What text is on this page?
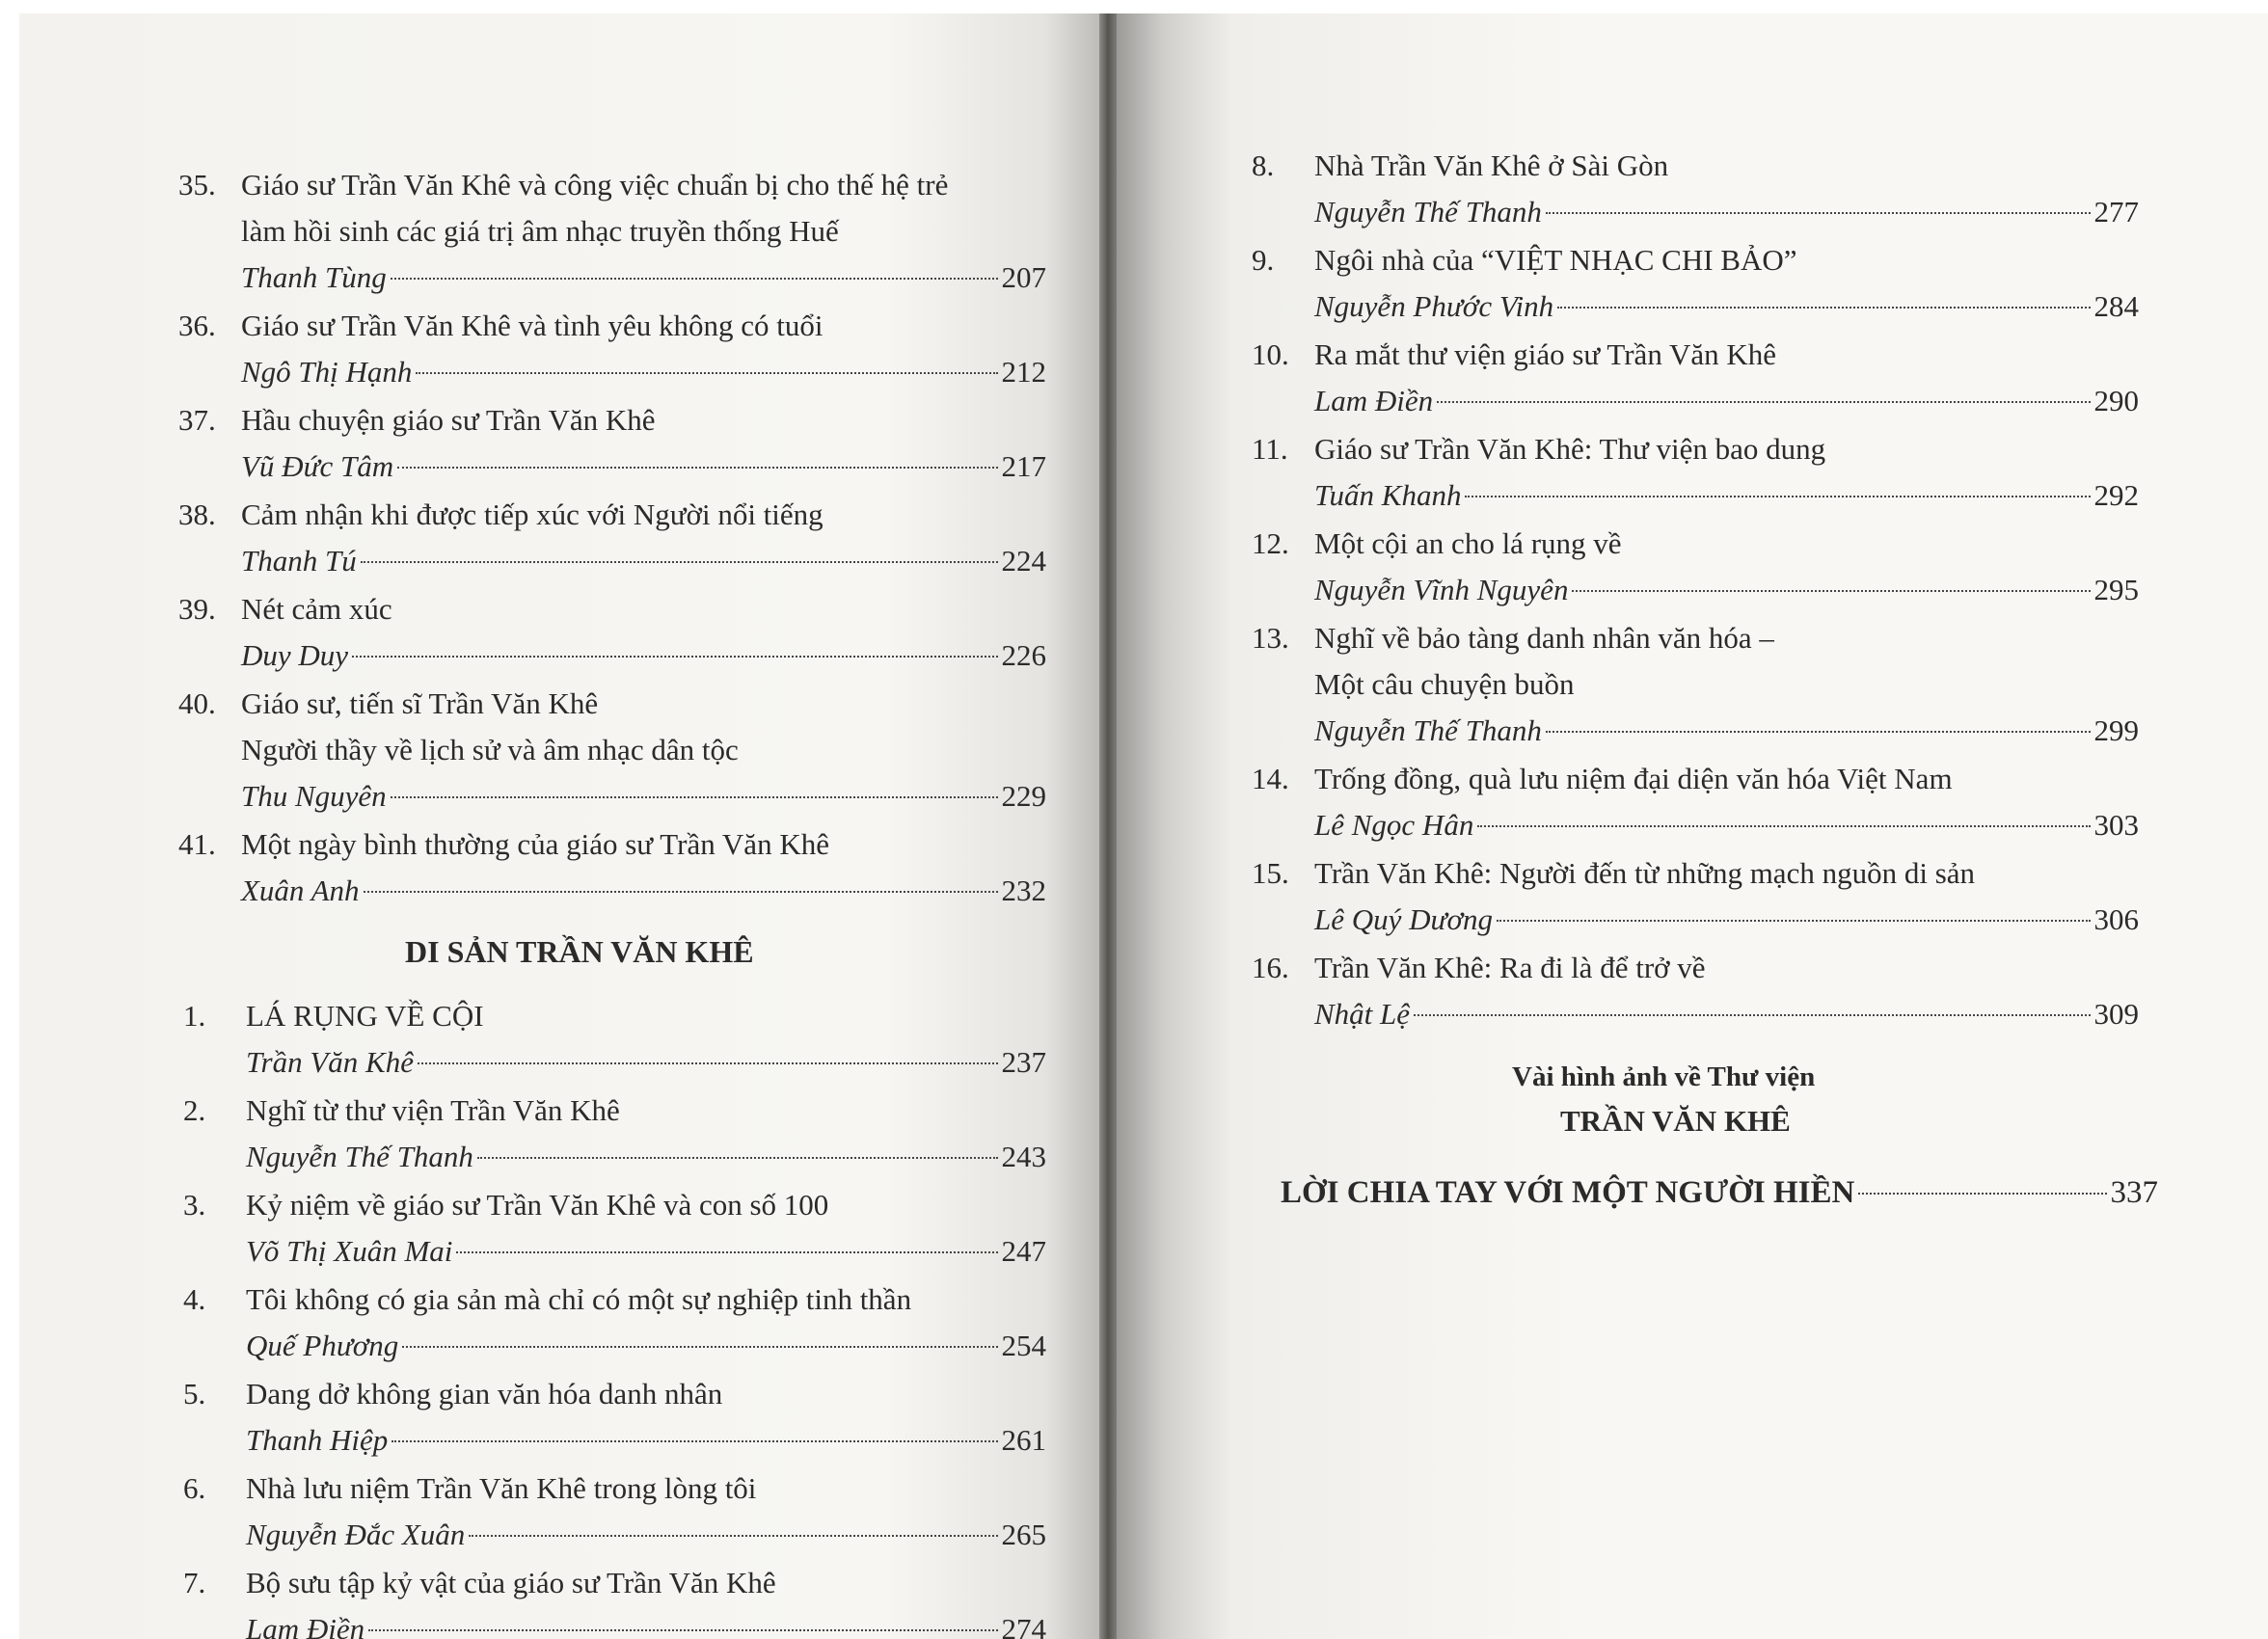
35. Giáo sư Trần Văn Khê và công việc chuẩn bị cho thế hệ trẻ
làm hồi sinh các giá trị âm nhạc truyền thống Huế
Thanh Tùng	207
36. Giáo sư Trần Văn Khê và tình yêu không có tuổi
Ngô Thị Hạnh	212
37. Hầu chuyện giáo sư Trần Văn Khê
Vũ Đức Tâm	217
38. Cảm nhận khi được tiếp xúc với Người nổi tiếng
Thanh Tú	224
39. Nét cảm xúc
Duy Duy	226
40. Giáo sư, tiến sĩ Trần Văn Khê
Người thầy về lịch sử và âm nhạc dân tộc
Thu Nguyên	229
41. Một ngày bình thường của giáo sư Trần Văn Khê
Xuân Anh	232
DI SẢN TRẦN VĂN KHÊ
1. LÁ RỤNG VỀ CỘI
Trần Văn Khê	237
2. Nghĩ từ thư viện Trần Văn Khê
Nguyễn Thế Thanh	243
3. Kỷ niệm về giáo sư Trần Văn Khê và con số 100
Võ Thị Xuân Mai	247
4. Tôi không có gia sản mà chỉ có một sự nghiệp tinh thần
Quế Phương	254
5. Dang dở không gian văn hóa danh nhân
Thanh Hiệp	261
6. Nhà lưu niệm Trần Văn Khê trong lòng tôi
Nguyễn Đắc Xuân	265
7. Bộ sưu tập kỷ vật của giáo sư Trần Văn Khê
Lam Điền	274
8. Nhà Trần Văn Khê ở Sài Gòn
Nguyễn Thế Thanh	277
9. Ngôi nhà của “VIỆT NHẠC CHI BẢO”
Nguyễn Phước Vinh	284
10. Ra mắt thư viện giáo sư Trần Văn Khê
Lam Điền	290
11. Giáo sư Trần Văn Khê: Thư viện bao dung
Tuấn Khanh	292
12. Một cội an cho lá rụng về
Nguyễn Vĩnh Nguyên	295
13. Nghĩ về bảo tàng danh nhân văn hóa –
Một câu chuyện buồn
Nguyễn Thế Thanh	299
14. Trống đồng, quà lưu niệm đại diện văn hóa Việt Nam
Lê Ngọc Hân	303
15. Trần Văn Khê: Người đến từ những mạch nguồn di sản
Lê Quý Dương	306
16. Trần Văn Khê: Ra đi là để trở về
Nhật Lệ	309
Vài hình ảnh về Thư viện
TRẦN VĂN KHÊ
LỜI CHIA TAY VỚI MỘT NGƯỜI HIỀN	337
